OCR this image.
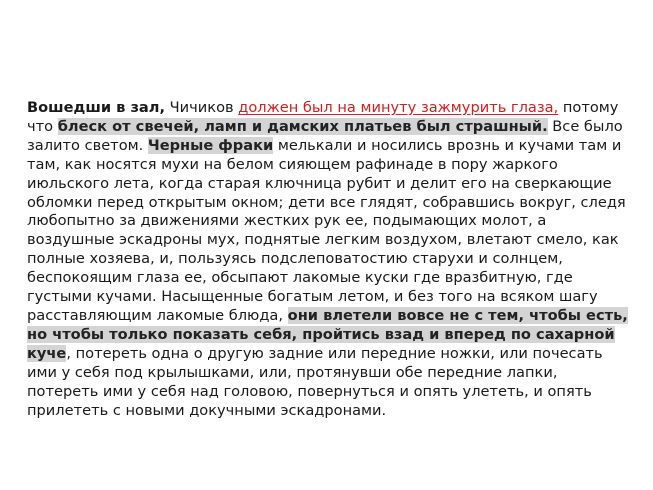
Вошедши в зал, Чичиков должен был на минуту зажмурить глаза, потому что блеск от свечей, ламп и дамских платьев был страшный. Все было залито светом. Черные фраки мелькали и носились врознь и кучами там и там, как носятся мухи на белом сияющем рафинаде в пору жаркого июльского лета, когда старая ключница рубит и делит его на сверкающие обломки перед открытым окном; дети все глядят, собравшись вокруг, следя любопытно за движениями жестких рук ее, подымающих молот, а воздушные эскадроны мух, поднятые легким воздухом, влетают смело, как полные хозяева, и, пользуясь подслеповатостию старухи и солнцем, беспокоящим глаза ее, обсыпают лакомые куски где вразбитную, где густыми кучами. Насыщенные богатым летом, и без того на всяком шагу расставляющим лакомые блюда, они влетели вовсе не с тем, чтобы есть, но чтобы только показать себя, пройтись взад и вперед по сахарной куче, потереть одна о другую задние или передние ножки, или почесать ими у себя под крылышками, или, протянувши обе передние лапки, потереть ими у себя над головою, повернуться и опять улететь, и опять прилететь с новыми докучными эскадронами.
